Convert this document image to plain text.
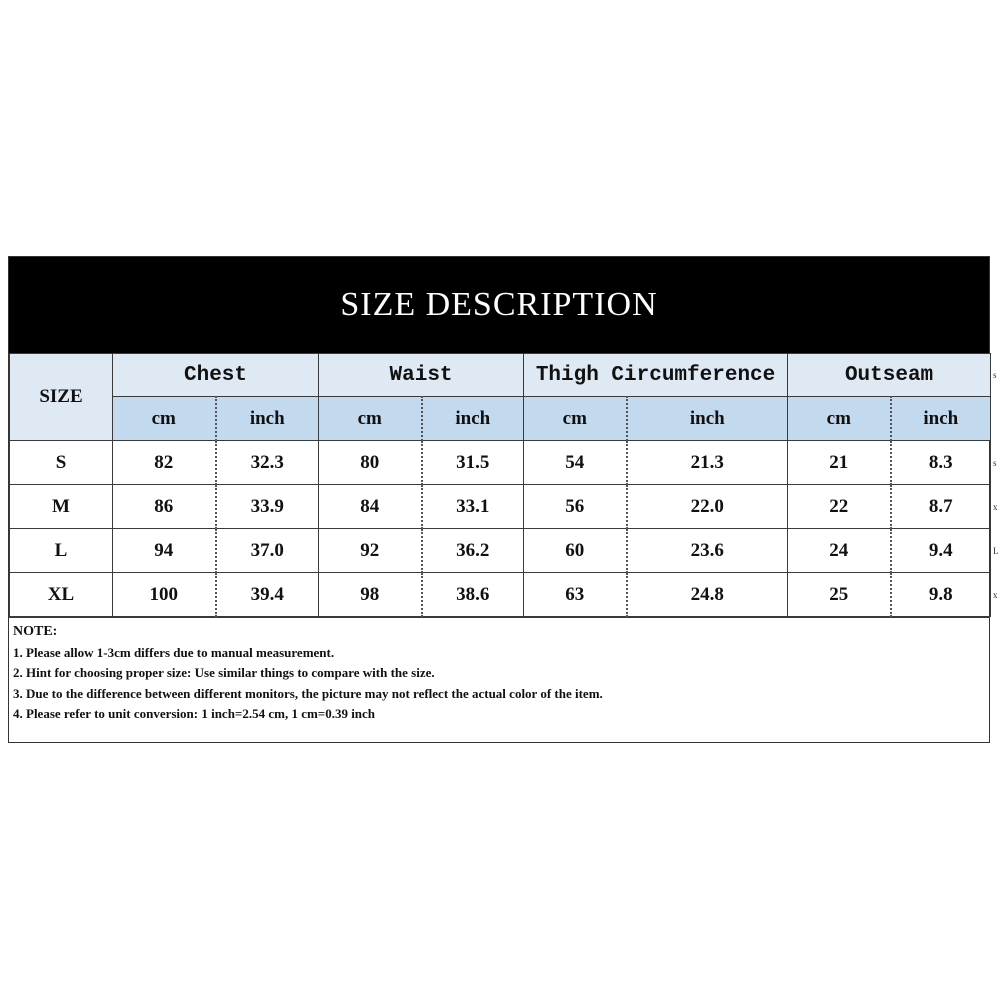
SIZE DESCRIPTION
SIZE	Chest		Waist		Thigh Circumference		Outseam	
	cm	inch	cm	inch	cm	inch	cm	inch
S	82	32.3	80	31.5	54	21.3	21	8.3
M	86	33.9	84	33.1	56	22.0	22	8.7
L	94	37.0	92	36.2	60	23.6	24	9.4
XL	100	39.4	98	38.6	63	24.8	25	9.8
NOTE:
1. Please allow 1-3cm differs due to manual measurement.
2. Hint for choosing proper size: Use similar things to compare with the size.
3. Due to the difference between different monitors, the picture may not reflect the actual color of the item.
4. Please refer to unit conversion: 1 inch=2.54 cm, 1 cm=0.39 inch
s
s
x
L
x
